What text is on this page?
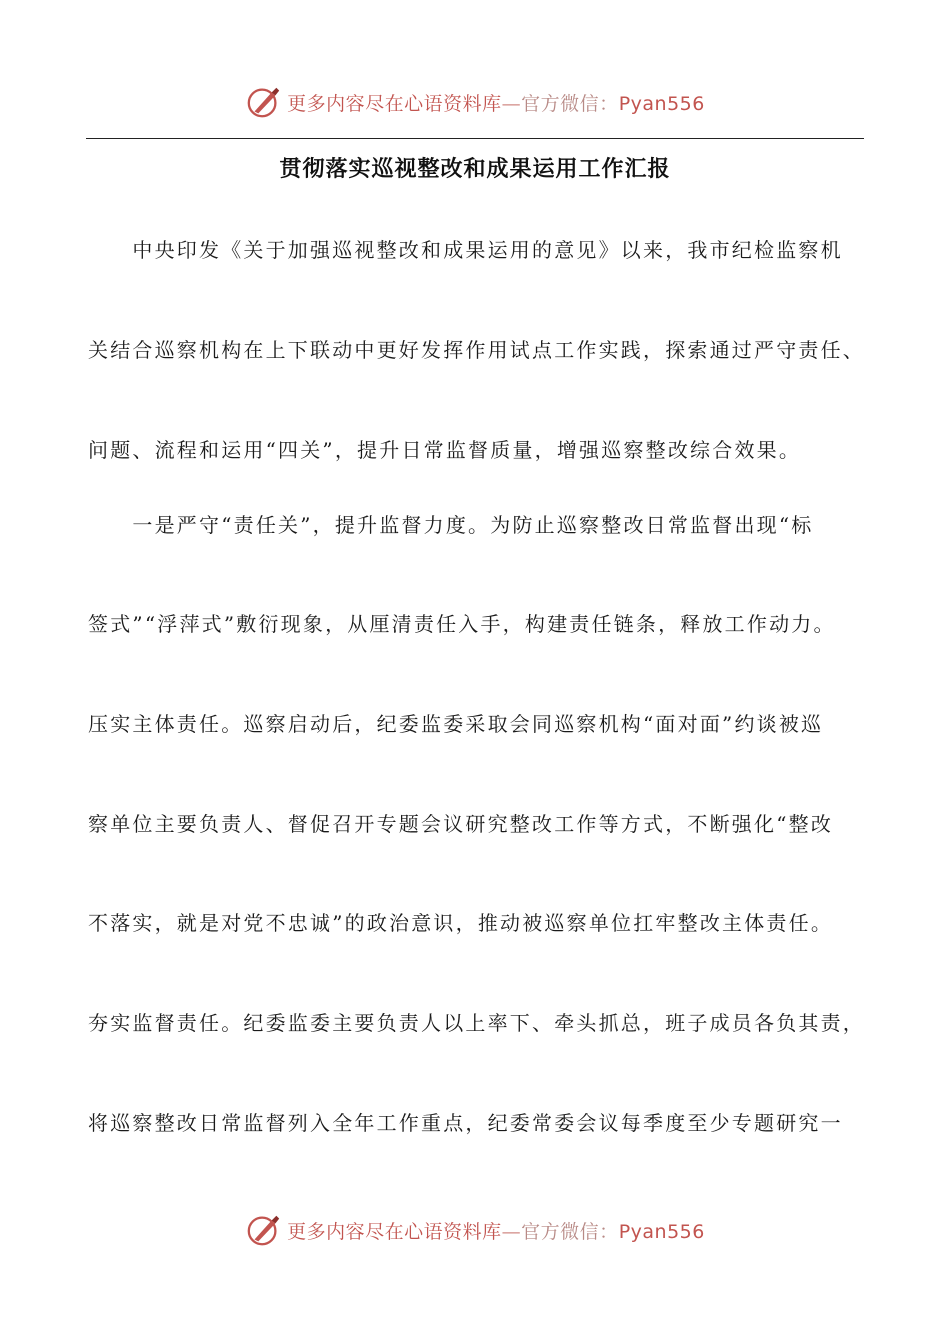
更多内容尽在心语资料库—官方微信：Pyan556
贯彻落实巡视整改和成果运用工作汇报
　　中央印发《关于加强巡视整改和成果运用的意见》以来，我市纪检监察机
关结合巡察机构在上下联动中更好发挥作用试点工作实践，探索通过严守责任、
问题、流程和运用“四关”，提升日常监督质量，增强巡察整改综合效果。
　　一是严守“责任关”，提升监督力度。为防止巡察整改日常监督出现“标
签式”“浮萍式”敷衍现象，从厘清责任入手，构建责任链条，释放工作动力。
压实主体责任。巡察启动后，纪委监委采取会同巡察机构“面对面”约谈被巡
察单位主要负责人、督促召开专题会议研究整改工作等方式，不断强化“整改
不落实，就是对党不忠诚”的政治意识，推动被巡察单位扛牢整改主体责任。
夯实监督责任。纪委监委主要负责人以上率下、牵头抓总，班子成员各负其责，
将巡察整改日常监督列入全年工作重点，纪委常委会议每季度至少专题研究一
更多内容尽在心语资料库—官方微信：Pyan556
